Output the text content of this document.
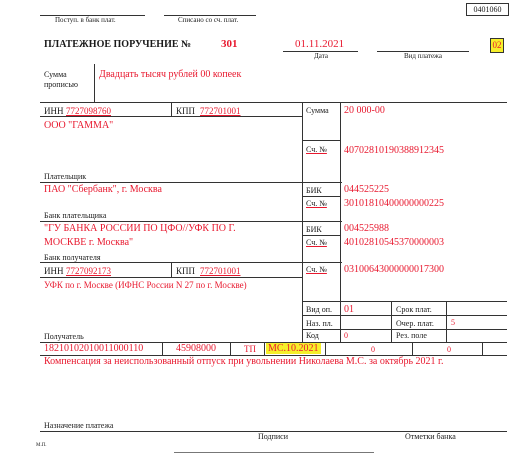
0401060
Поступ. в банк плат.	Списано со сч. плат.
ПЛАТЕЖНОЕ ПОРУЧЕНИЕ №	301	01.11.2021
Дата	Вид платежа
02
Сумма прописью
Двадцать тысяч рублей 00 копеек
ИНН 7727098760	КПП 772701001
ООО "ГАММА"
Сумма 20 000-00
Сч. № 40702810190388912345
Плательщик
ПАО "Сбербанк", г. Москва	БИК 044525225
Сч. № 30101810400000000225
Банк плательщика
"ГУ БАНКА РОССИИ ПО ЦФО//УФК ПО Г.
МОСКВЕ г. Москва"
БИК 004525988
Сч. № 40102810545370000003
Банк получателя
ИНН 7727092173	КПП 772701001	Сч. № 03100643000000017300
УФК по г. Москве (ИФНС России N 27 по г. Москве)
Вид оп. 01	Срок плат.
Наз. пл.	Очер. плат. 5
Код	0	Рез. поле
Получатель
18210102010011000110	45908000	ТП МС.10.2021	0	0
Компенсация за неиспользованный отпуск при увольнении Николаева М.С. за октябрь 2021 г.
Назначение платежа
Подписи	Отметки банка
М.П.
